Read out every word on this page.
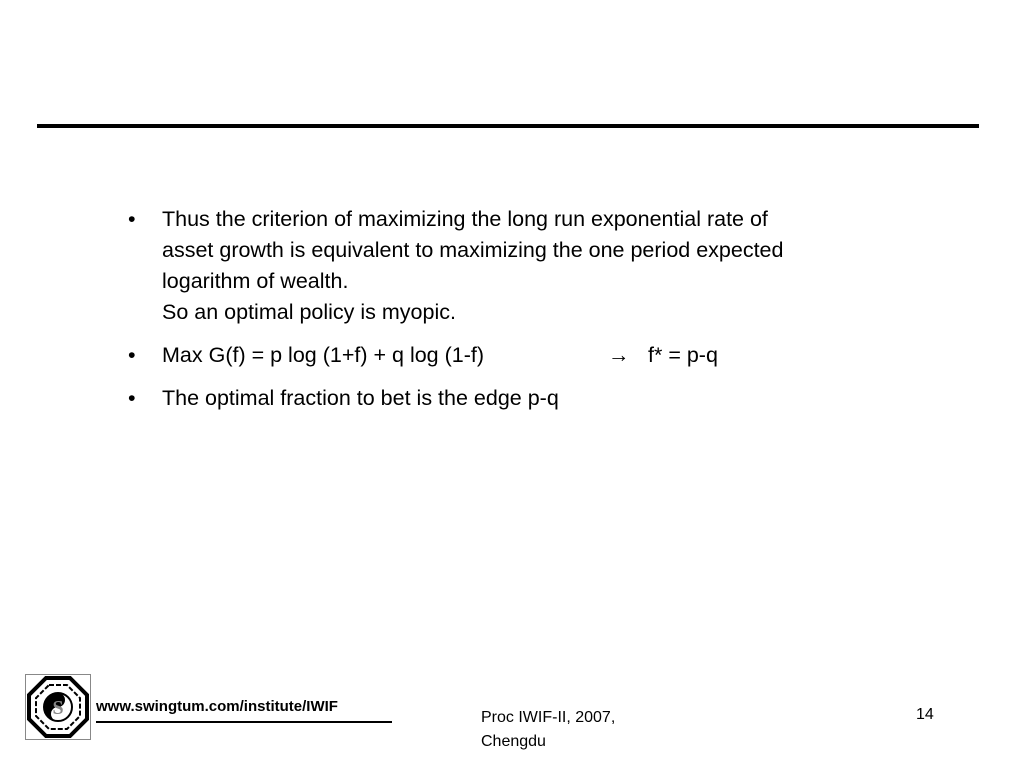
• Thus the criterion of maximizing the long run exponential rate of
asset growth is equivalent to maximizing the one period expected
logarithm of wealth.
So an optimal policy is myopic.
• Max G(f) = p log (1+f) + q log (1-f)	→ f* = p-q
• The optimal fraction to bet is the edge p-q
S www.swingtum.com/institute/IWIF
Proc IWIF-II, 2007,
Chengdu
14
